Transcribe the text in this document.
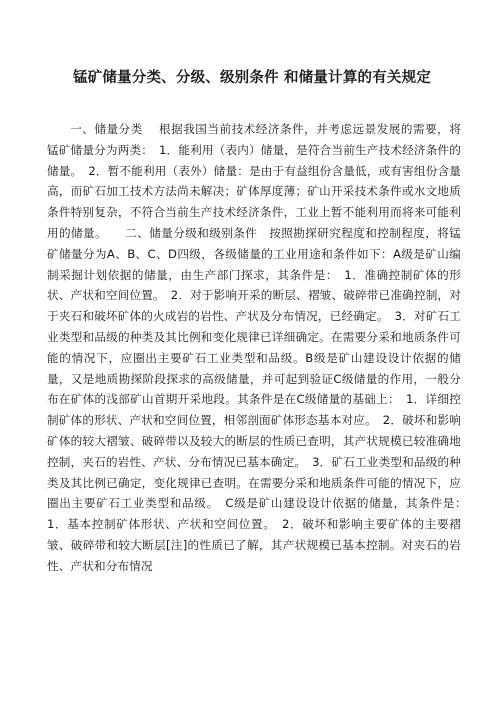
锰矿储量分类、分级、级别条件 和储量计算的有关规定

一、储量分类　 根据我国当前技术经济条件，并考虑远景发展的需要，将锰矿储量分为两类：　1．能利用（表内）储量，是符合当前生产技术经济条件的储量。　2．暂不能利用（表外）储量：是由于有益组份含量低，或有害组份含量高，而矿石加工技术方法尚未解决；矿体厚度薄；矿山开采技术条件或水文地质条件特别复杂，不符合当前生产技术经济条件，工业上暂不能利用而将来可能利用的储量。　　二、储量分级和级别条件　按照勘探研究程度和控制程度，将锰矿储量分为A、B、C、D四级，各级储量的工业用途和条件如下：A级是矿山编制采掘计划依据的储量，由生产部门探求，其条件是：　1．准确控制矿体的形状、产状和空间位置。　2．对于影响开采的断层、褶皱、破碎带已准确控制，对于夹石和破坏矿体的火成岩的岩性、产状及分布情况，已经确定。　3．对矿石工业类型和品级的种类及其比例和变化规律已详细确定。在需要分采和地质条件可能的情况下，应圈出主要矿石工业类型和品级。B级是矿山建设设计依据的储量，又是地质勘探阶段探求的高级储量，并可起到验证C级储量的作用，一般分布在矿体的浅部矿山首期开采地段。其条件是在C级储量的基础上：　1．详细控制矿体的形状、产状和空间位置，相邻剖面矿体形态基本对应。　2．破坏和影响矿体的较大褶皱、破碎带以及较大的断层的性质已查明，其产状规模已较准确地控制，夹石的岩性、产状、分布情况已基本确定。　3．矿石工业类型和品级的种类及其比例已确定，变化规律已查明。在需要分采和地质条件可能的情况下，应圈出主要矿石工业类型和品级。　C级是矿山建设设计依据的储量，其条件是：　1．基本控制矿体形状、产状和空间位置。　2．破坏和影响主要矿体的主要褶皱、破碎带和较大断层[注]的性质已了解，其产状规模已基本控制。对夹石的岩性、产状和分布情况
